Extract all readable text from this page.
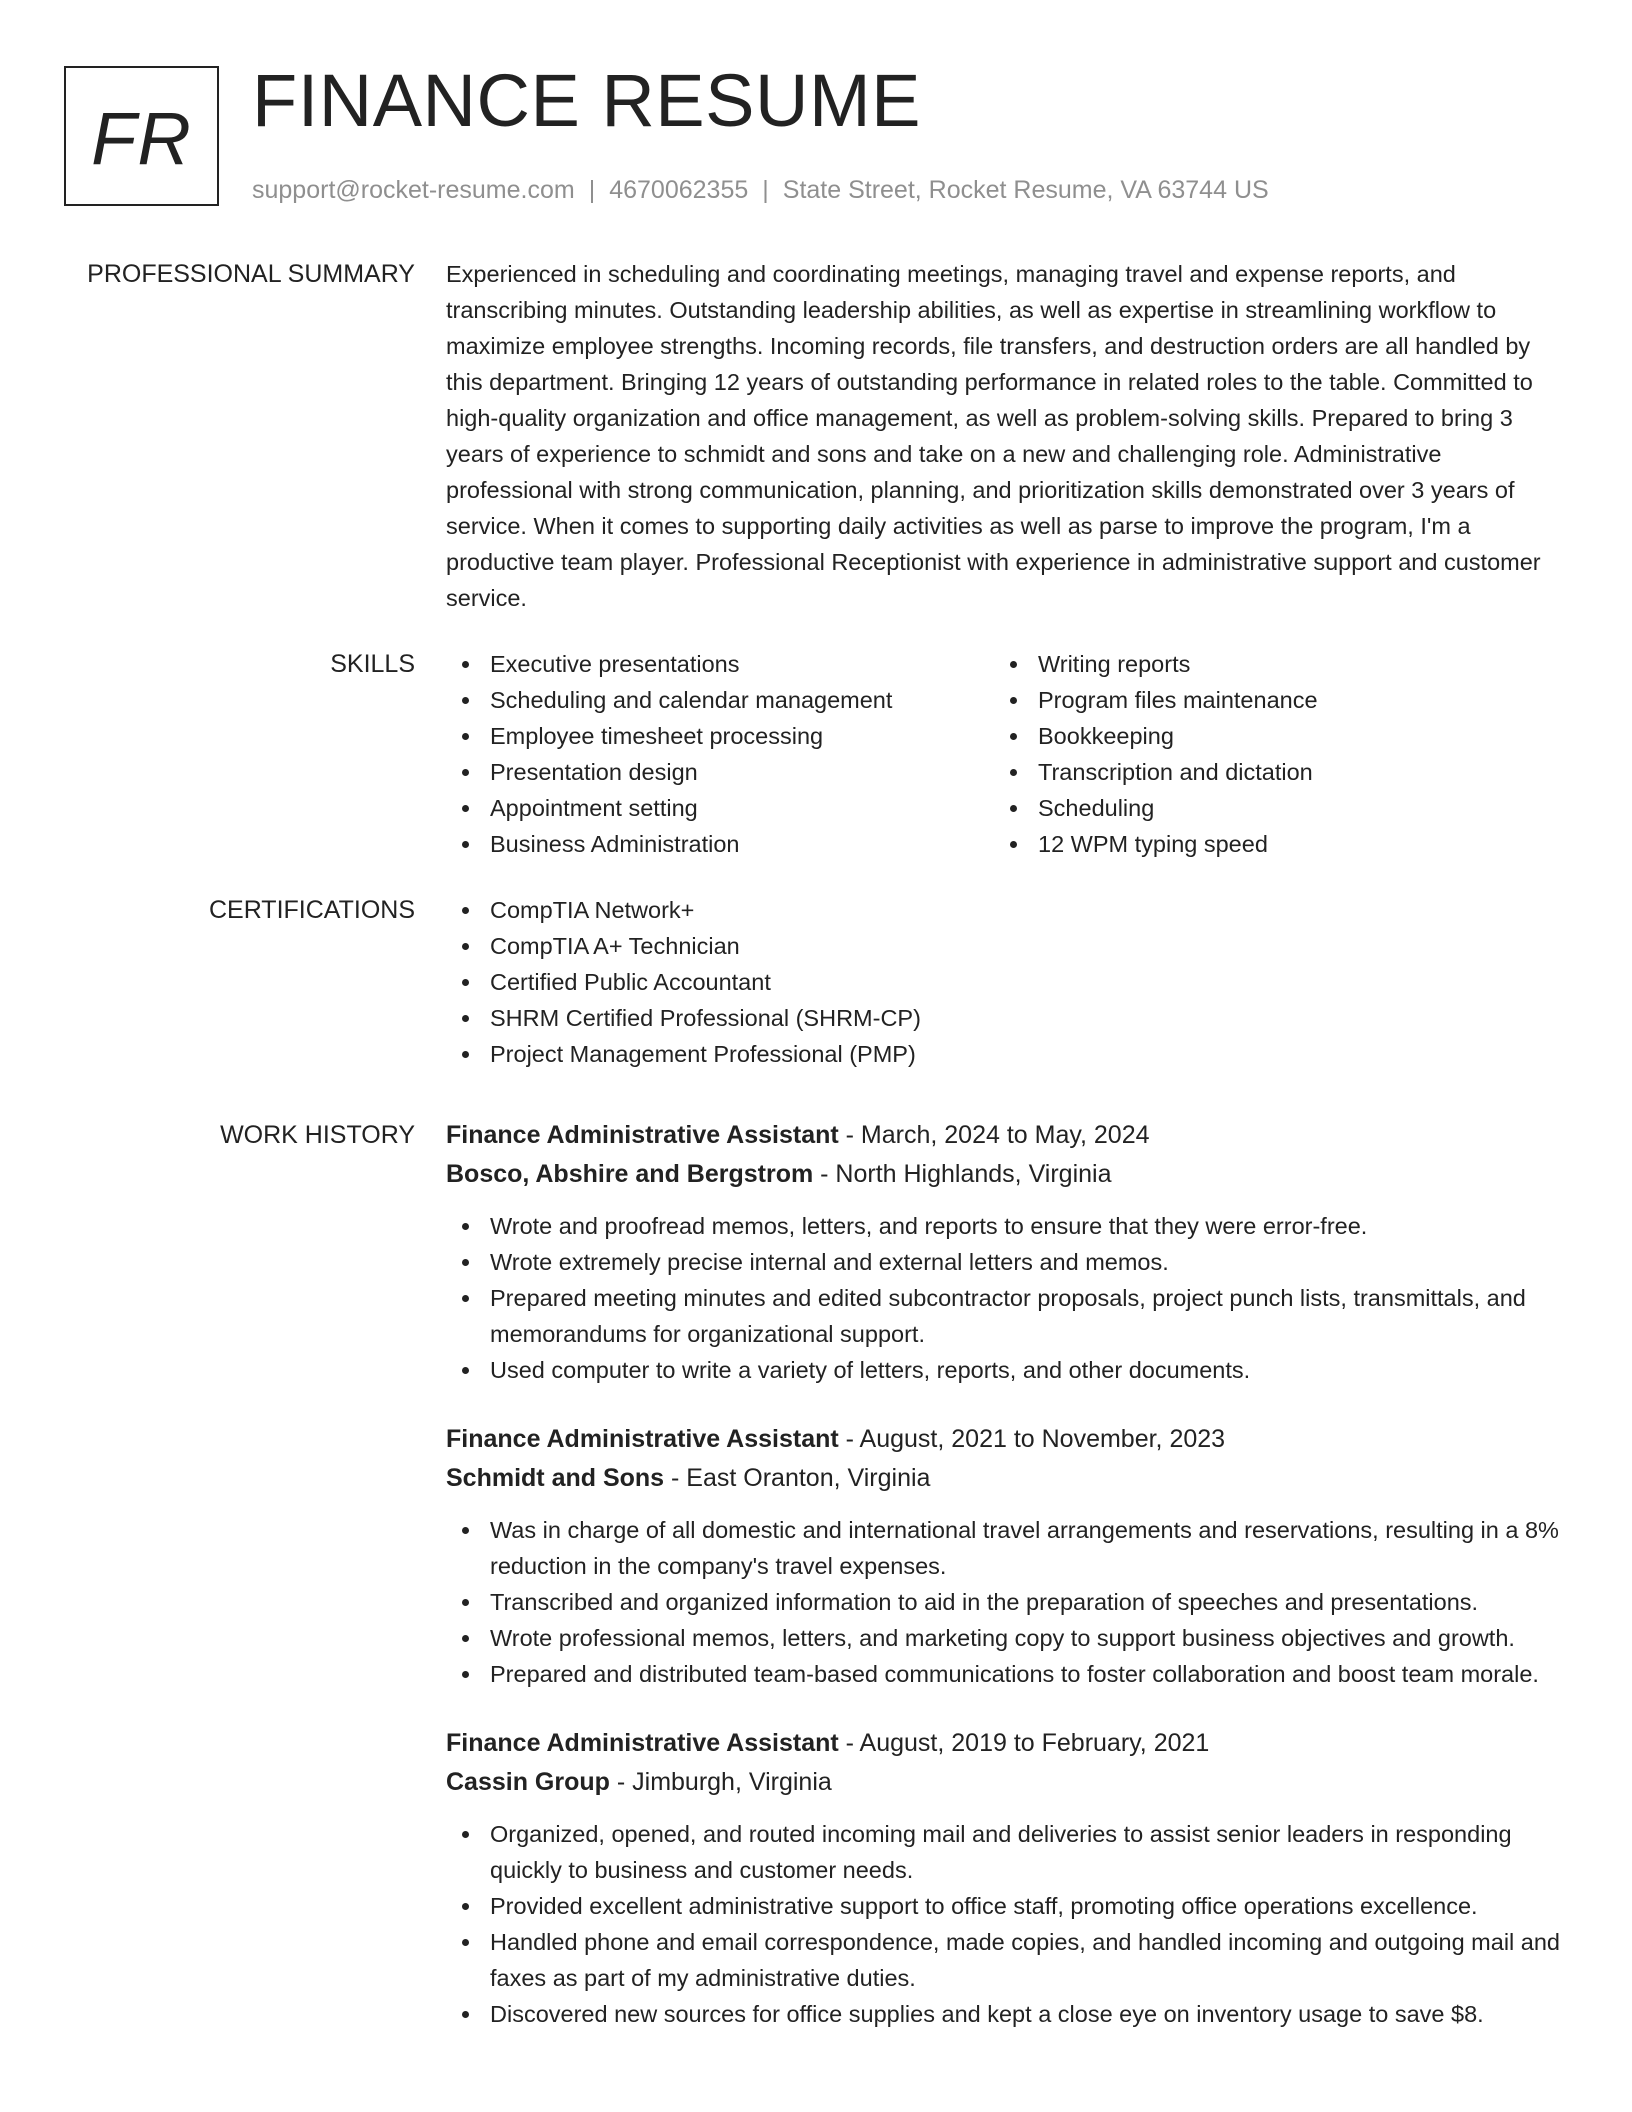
FR FINANCE RESUME
support@rocket-resume.com | 4670062355 | State Street, Rocket Resume, VA 63744 US
PROFESSIONAL SUMMARY Experienced in scheduling and coordinating meetings, managing travel and expense reports, and transcribing minutes. Outstanding leadership abilities, as well as expertise in streamlining workflow to maximize employee strengths. Incoming records, file transfers, and destruction orders are all handled by this department. Bringing 12 years of outstanding performance in related roles to the table. Committed to high-quality organization and office management, as well as problem-solving skills. Prepared to bring 3 years of experience to schmidt and sons and take on a new and challenging role. Administrative professional with strong communication, planning, and prioritization skills demonstrated over 3 years of service. When it comes to supporting daily activities as well as parse to improve the program, I'm a productive team player. Professional Receptionist with experience in administrative support and customer service.

SKILLS	Executive presentations
Scheduling and calendar management
Employee timesheet processing
Presentation design
Appointment setting
Business Administration
Writing reports
Program files maintenance
Bookkeeping
Transcription and dictation
Scheduling
12 WPM typing speed
CERTIFICATIONS	CompTIA Network+
CompTIA A+ Technician
Certified Public Accountant
SHRM Certified Professional (SHRM-CP)
Project Management Professional (PMP)
WORK HISTORY Finance Administrative Assistant - March, 2024 to May, 2024
Bosco, Abshire and Bergstrom - North Highlands, Virginia
Wrote and proofread memos, letters, and reports to ensure that they were error-free.
Wrote extremely precise internal and external letters and memos.
Prepared meeting minutes and edited subcontractor proposals, project punch lists, transmittals, and memorandums for organizational support.
Used computer to write a variety of letters, reports, and other documents.
Finance Administrative Assistant - August, 2021 to November, 2023
Schmidt and Sons - East Oranton, Virginia
Was in charge of all domestic and international travel arrangements and reservations, resulting in a 8% reduction in the company's travel expenses.
Transcribed and organized information to aid in the preparation of speeches and presentations.
Wrote professional memos, letters, and marketing copy to support business objectives and growth.
Prepared and distributed team-based communications to foster collaboration and boost team morale.
Finance Administrative Assistant - August, 2019 to February, 2021
Cassin Group - Jimburgh, Virginia
Organized, opened, and routed incoming mail and deliveries to assist senior leaders in responding quickly to business and customer needs.
Provided excellent administrative support to office staff, promoting office operations excellence.
Handled phone and email correspondence, made copies, and handled incoming and outgoing mail and faxes as part of my administrative duties.
Discovered new sources for office supplies and kept a close eye on inventory usage to save $8.
